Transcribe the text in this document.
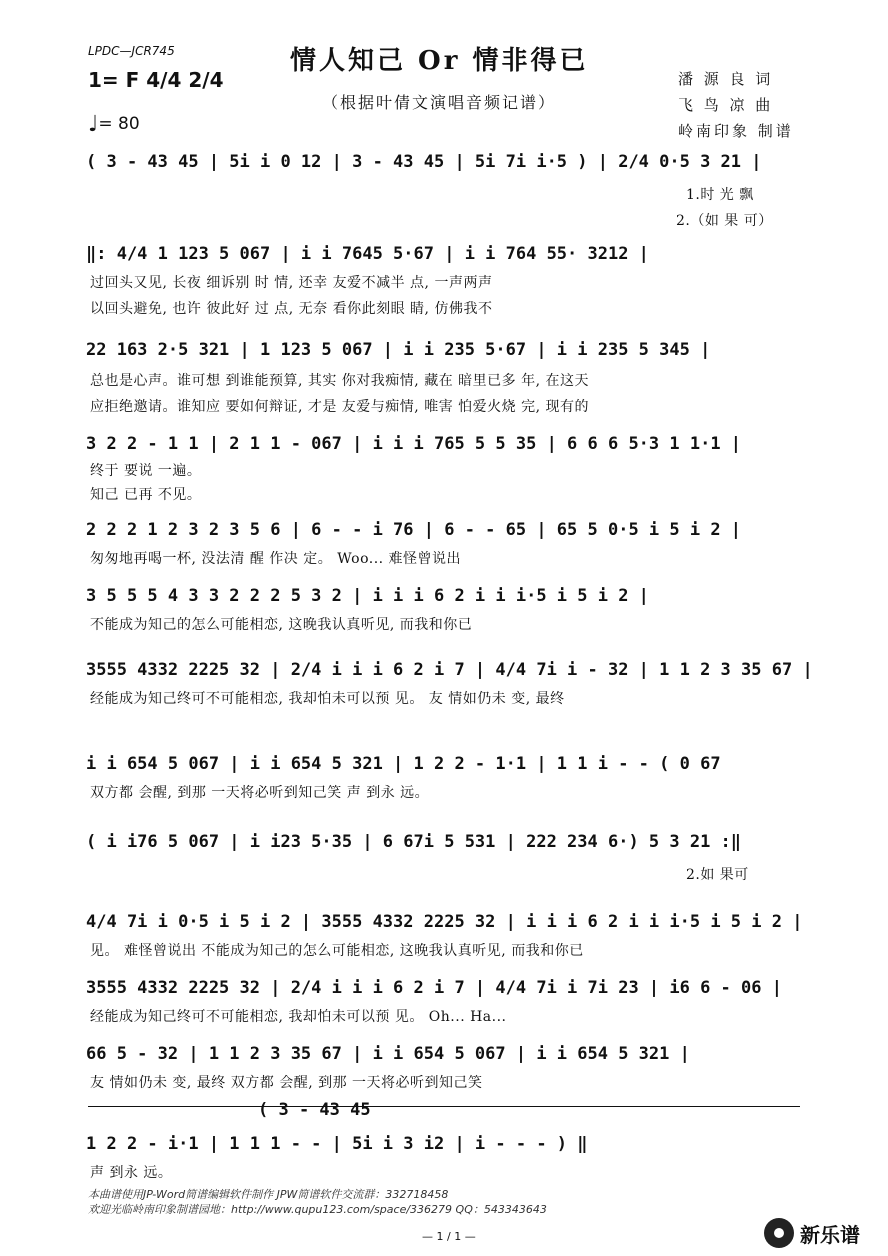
LPDC—JCR745	情人知己 Or 情非得已
（根据叶倩文演唱音频记谱）
1= F 4/4 2/4
♩= 80
潘 源 良 词
飞 鸟 凉 曲
岭南印象 制谱
( 3 - 43 45 | 5i i 0 12 | 3 - 43 45 | 5i 7i i·5 ) | 2/4 0·5 3 21 |
1.时 光 飘
2.（如 果 可）
‖: 4/4 1 123 5 067 | i i 7645 5·67 | i i 764 55· 3212 |
过回头又见, 长夜 细诉别 时 情, 还幸 友爱不减半 点, 一声两声
以回头避免, 也许 彼此好 过 点, 无奈 看你此刻眼 睛, 仿佛我不
22 163 2·5 321 | 1 123 5 067 | i i 235 5·67 | i i 235 5 345 |
总也是心声。谁可想 到谁能预算, 其实 你对我痴情, 藏在 暗里已多 年, 在这天
应拒绝邀请。谁知应 要如何辩证, 才是 友爱与痴情, 唯害 怕爱火烧 完, 现有的
3 2 2 - 1 1 | 2 1 1 - 067 | i i i 765 5 5 35 | 6 6 6 5·3 1 1·1 |
终于 要说 一遍。
知己 已再 不见。
2 2 2 1 2 3 2 3 5 6 | 6 - - i 76 | 6 - - 65 | 65 5 0·5 i 5 i 2 |
匆匆地再喝一杯, 没法清 醒 作决 定。 Woo... 难怪曾说出
3 5 5 5 4 3 3 2 2 2 5 3 2 | i i i 6 2 i i i·5 i 5 i 2 |
不能成为知己的怎么可能相恋, 这晚我认真听见, 而我和你已
3555 4332 2225 32 | 2/4 i i i 6 2 i 7 | 4/4 7i i - 32 | 1 1 2 3 35 67 |
经能成为知己终可不可能相恋, 我却怕未可以预 见。 友 情如仍未 变, 最终
i i 654 5 067 | i i 654 5 321 | 1 2 2 - 1·1 | 1 1 i - - ( 0 67
双方都 会醒, 到那 一天将必听到知己笑 声 到永 远。
( i i76 5 067 | i i23 5·35 | 6 67i 5 531 | 222 234 6·) 5 3 21 :‖
2.如 果可
4/4 7i i 0·5 i 5 i 2 | 3555 4332 2225 32 | i i i 6 2 i i i·5 i 5 i 2 |
见。 难怪曾说出 不能成为知己的怎么可能相恋, 这晚我认真听见, 而我和你已
3555 4332 2225 32 | 2/4 i i i 6 2 i 7 | 4/4 7i i 7i 23 | i6 6 - 06 |
经能成为知己终可不可能相恋, 我却怕未可以预 见。 Oh... Ha...
66 5 - 32 | 1 1 2 3 35 67 | i i 654 5 067 | i i 654 5 321 |
友 情如仍未 变, 最终 双方都 会醒, 到那 一天将必听到知己笑
( 3 - 43 45
1 2 2 - i·1 | 1 1 1 - - | 5i i 3 i2 | i - - - ) ‖
声 到永 远。
本曲谱使用JP-Word简谱编辑软件制作 JPW简谱软件交流群：332718458
欢迎光临岭南印象制谱园地：http://www.qupu123.com/space/336279 QQ：543343643
— 1 / 1 —	新乐谱
